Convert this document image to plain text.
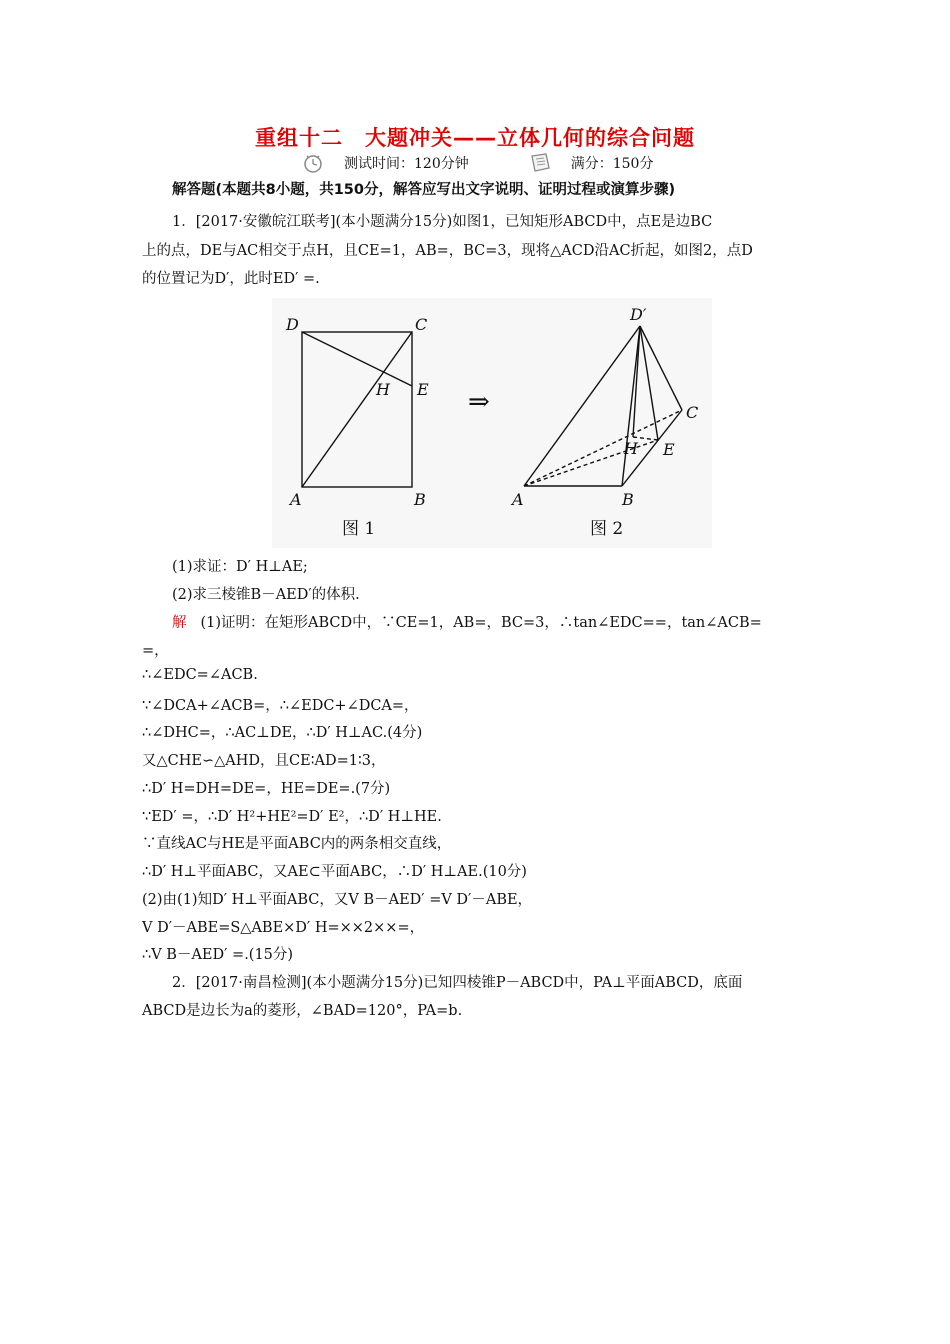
重组十二　大题冲关——立体几何的综合问题
测试时间：120分钟	满分：150分
解答题(本题共8小题，共150分，解答应写出文字说明、证明过程或演算步骤)
1．[2017·安徽皖江联考](本小题满分15分)如图1，已知矩形ABCD中，点E是边BC
上的点，DE与AC相交于点H，且CE=1，AB=，BC=3，现将△ACD沿AC折起，如图2，点D
的位置记为D′，此时ED′ =.
D	C
H E
A	B
图 1
⇒
D′
C
H E
A	B
图 2
(1)求证：D′ H⊥AE;
(2)求三棱锥B－AED′的体积.
解 (1)证明：在矩形ABCD中，∵CE=1，AB=，BC=3，∴tan∠EDC==，tan∠ACB=
=，
∴∠EDC=∠ACB.
∵∠DCA+∠ACB=，∴∠EDC+∠DCA=，
∴∠DHC=，∴AC⊥DE，∴D′ H⊥AC.(4分)
又△CHE∽△AHD，且CE∶AD=1∶3，
∴D′ H=DH=DE=，HE=DE=.(7分)
∵ED′ =，∴D′ H²+HE²=D′ E²，∴D′ H⊥HE.
∵直线AC与HE是平面ABC内的两条相交直线，
∴D′ H⊥平面ABC，又AE⊂平面ABC，∴D′ H⊥AE.(10分)
(2)由(1)知D′ H⊥平面ABC，又V B－AED′ =V D′－ABE，
V D′－ABE=S△ABE×D′ H=××2××=，
∴V B－AED′ =.(15分)
2．[2017·南昌检测](本小题满分15分)已知四棱锥P－ABCD中，PA⊥平面ABCD，底面
ABCD是边长为a的菱形，∠BAD=120°，PA=b.
